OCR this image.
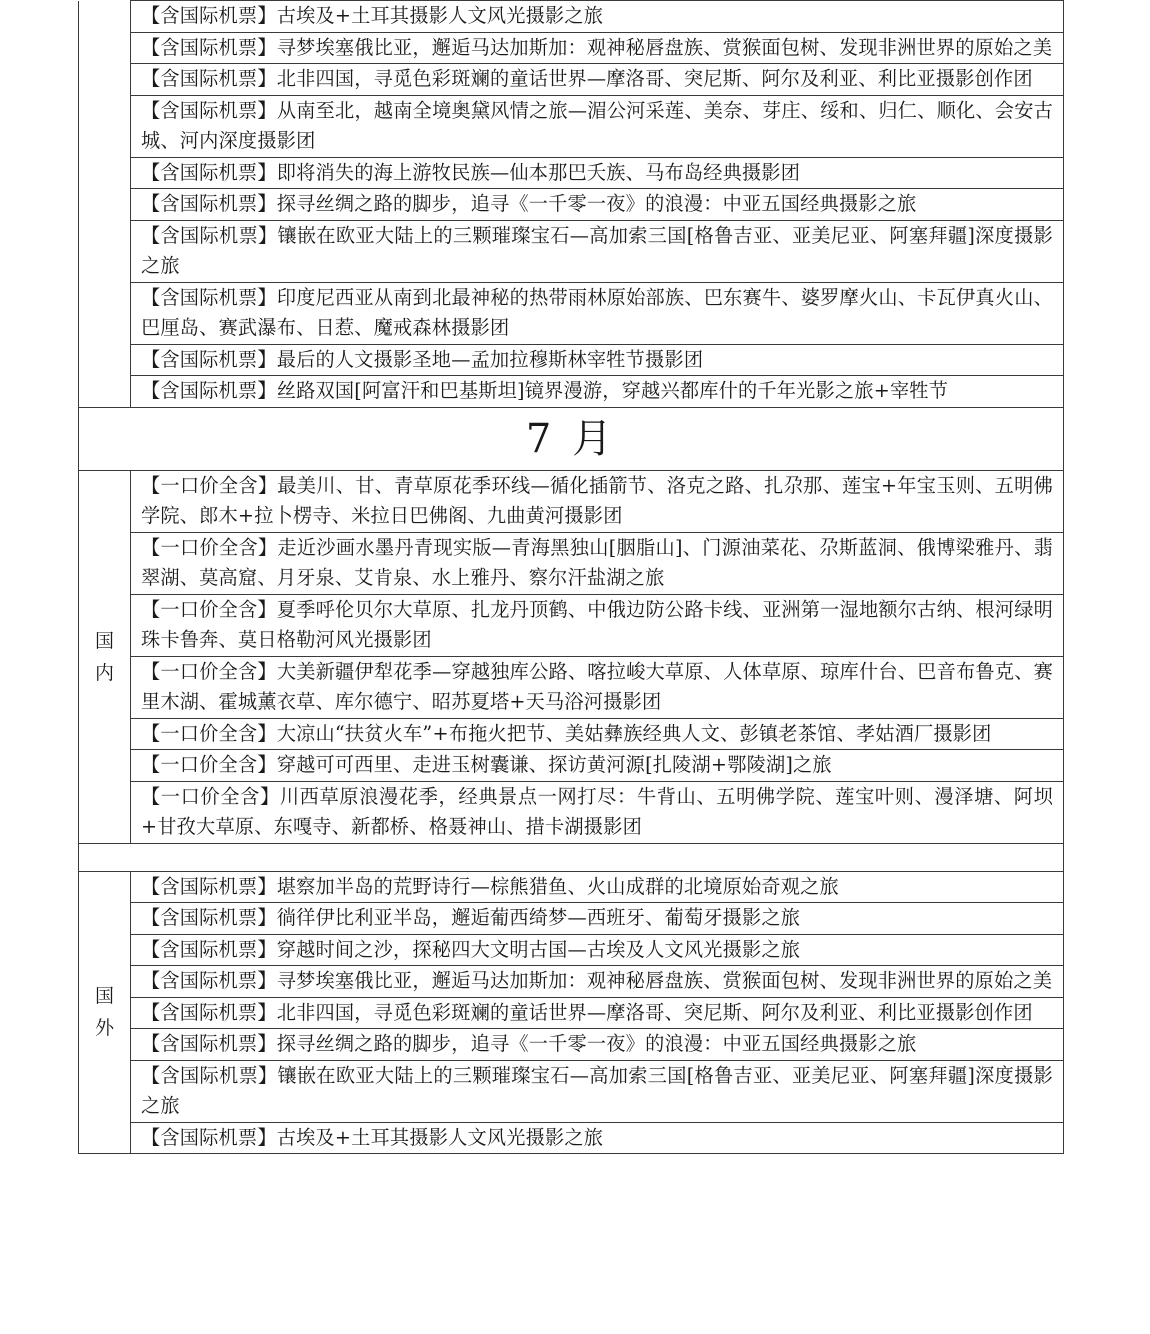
	【含国际机票】古埃及+土耳其摄影人文风光摄影之旅
	【含国际机票】寻梦埃塞俄比亚，邂逅马达加斯加：观神秘唇盘族、赏猴面包树、发现非洲世界的原始之美
	【含国际机票】北非四国，寻觅色彩斑斓的童话世界—摩洛哥、突尼斯、阿尔及利亚、利比亚摄影创作团
	【含国际机票】从南至北，越南全境奥黛风情之旅—湄公河采莲、美奈、芽庄、绥和、归仁、顺化、会安古城、河内深度摄影团
	【含国际机票】即将消失的海上游牧民族—仙本那巴夭族、马布岛经典摄影团
	【含国际机票】探寻丝绸之路的脚步，追寻《一千零一夜》的浪漫：中亚五国经典摄影之旅
	【含国际机票】镶嵌在欧亚大陆上的三颗璀璨宝石—高加索三国[格鲁吉亚、亚美尼亚、阿塞拜疆]深度摄影之旅
	【含国际机票】印度尼西亚从南到北最神秘的热带雨林原始部族、巴东赛牛、婆罗摩火山、卡瓦伊真火山、巴厘岛、赛武瀑布、日惹、魔戒森林摄影团
	【含国际机票】最后的人文摄影圣地—孟加拉穆斯林宰牲节摄影团
	【含国际机票】丝路双国[阿富汗和巴基斯坦]镜界漫游，穿越兴都库什的千年光影之旅+宰牲节
7 月	

国
内	【一口价全含】最美川、甘、青草原花季环线—循化插箭节、洛克之路、扎尕那、莲宝+年宝玉则、五明佛学院、郎木+拉卜楞寺、米拉日巴佛阁、九曲黄河摄影团
	【一口价全含】走近沙画水墨丹青现实版—青海黑独山[胭脂山]、门源油菜花、尕斯蓝洞、俄博梁雅丹、翡翠湖、莫高窟、月牙泉、艾肯泉、水上雅丹、察尔汗盐湖之旅
	【一口价全含】夏季呼伦贝尔大草原、扎龙丹顶鹤、中俄边防公路卡线、亚洲第一湿地额尔古纳、根河绿明珠卡鲁奔、莫日格勒河风光摄影团
	【一口价全含】大美新疆伊犁花季—穿越独库公路、喀拉峻大草原、人体草原、琼库什台、巴音布鲁克、赛里木湖、霍城薰衣草、库尔德宁、昭苏夏塔+天马浴河摄影团
	【一口价全含】大凉山“扶贫火车”+布拖火把节、美姑彝族经典人文、彭镇老茶馆、孝姑酒厂摄影团
	【一口价全含】穿越可可西里、走进玉树囊谦、探访黄河源[扎陵湖+鄂陵湖]之旅
	【一口价全含】川西草原浪漫花季，经典景点一网打尽：牛背山、五明佛学院、莲宝叶则、漫泽塘、阿坝+甘孜大草原、东嘎寺、新都桥、格聂神山、措卡湖摄影团

国
外	【含国际机票】堪察加半岛的荒野诗行—棕熊猎鱼、火山成群的北境原始奇观之旅
	【含国际机票】徜徉伊比利亚半岛，邂逅葡西绮梦—西班牙、葡萄牙摄影之旅
	【含国际机票】穿越时间之沙，探秘四大文明古国—古埃及人文风光摄影之旅
	【含国际机票】寻梦埃塞俄比亚，邂逅马达加斯加：观神秘唇盘族、赏猴面包树、发现非洲世界的原始之美
	【含国际机票】北非四国，寻觅色彩斑斓的童话世界—摩洛哥、突尼斯、阿尔及利亚、利比亚摄影创作团
	【含国际机票】探寻丝绸之路的脚步，追寻《一千零一夜》的浪漫：中亚五国经典摄影之旅
	【含国际机票】镶嵌在欧亚大陆上的三颗璀璨宝石—高加索三国[格鲁吉亚、亚美尼亚、阿塞拜疆]深度摄影之旅
	【含国际机票】古埃及+土耳其摄影人文风光摄影之旅
